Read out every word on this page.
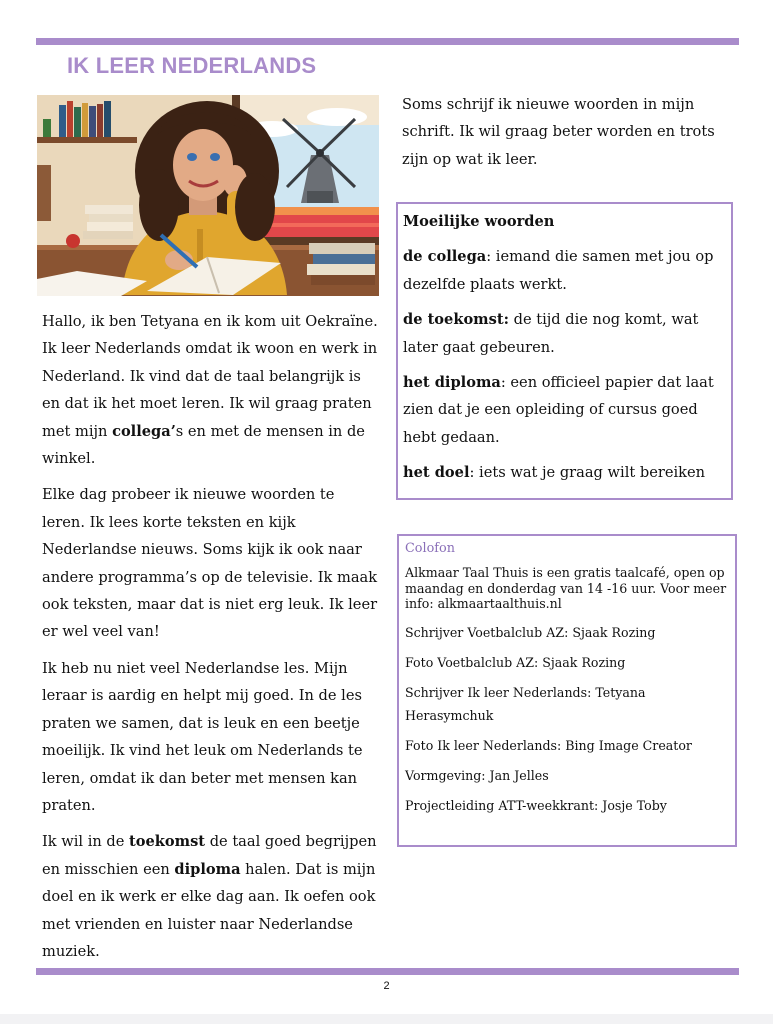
IK LEER NEDERLANDS

Hallo, ik ben Tetyana en ik kom uit Oekraïne. Ik leer Nederlands omdat ik woon en werk in Nederland. Ik vind dat de taal belangrijk is en dat ik het moet leren. Ik wil graag praten met mijn collega’s en met de mensen in de winkel.

Elke dag probeer ik nieuwe woorden te leren. Ik lees korte teksten en kijk Nederlandse nieuws. Soms kijk ik ook naar andere programma’s op de televisie. Ik maak ook teksten, maar dat is niet erg leuk. Ik leer er wel veel van!

Ik heb nu niet veel Nederlandse les. Mijn leraar is aardig en helpt mij goed. In de les praten we samen, dat is leuk en een beetje moeilijk. Ik vind het leuk om Nederlands te leren, omdat ik dan beter met mensen kan praten.

Ik wil in de toekomst de taal goed begrijpen en misschien een diploma halen. Dat is mijn doel en ik werk er elke dag aan. Ik oefen ook met vrienden en luister naar Nederlandse muziek.

Soms schrijf ik nieuwe woorden in mijn schrift. Ik wil graag beter worden en trots zijn op wat ik leer.

Moeilijke woorden

de collega: iemand die samen met jou op dezelfde plaats werkt.

de toekomst: de tijd die nog komt, wat later gaat gebeuren.

het diploma: een officieel papier dat laat zien dat je een opleiding of cursus goed hebt gedaan.

het doel: iets wat je graag wilt bereiken

Colofon

Alkmaar Taal Thuis is een gratis taalcafé, open op maandag en donderdag van 14 -16 uur. Voor meer info: alkmaartaalthuis.nl

Schrijver Voetbalclub AZ: Sjaak Rozing

Foto Voetbalclub AZ: Sjaak Rozing

Schrijver Ik leer Nederlands: Tetyana Herasymchuk

Foto Ik leer Nederlands: Bing Image Creator

Vormgeving: Jan Jelles

Projectleiding ATT-weekkrant: Josje Toby

2
